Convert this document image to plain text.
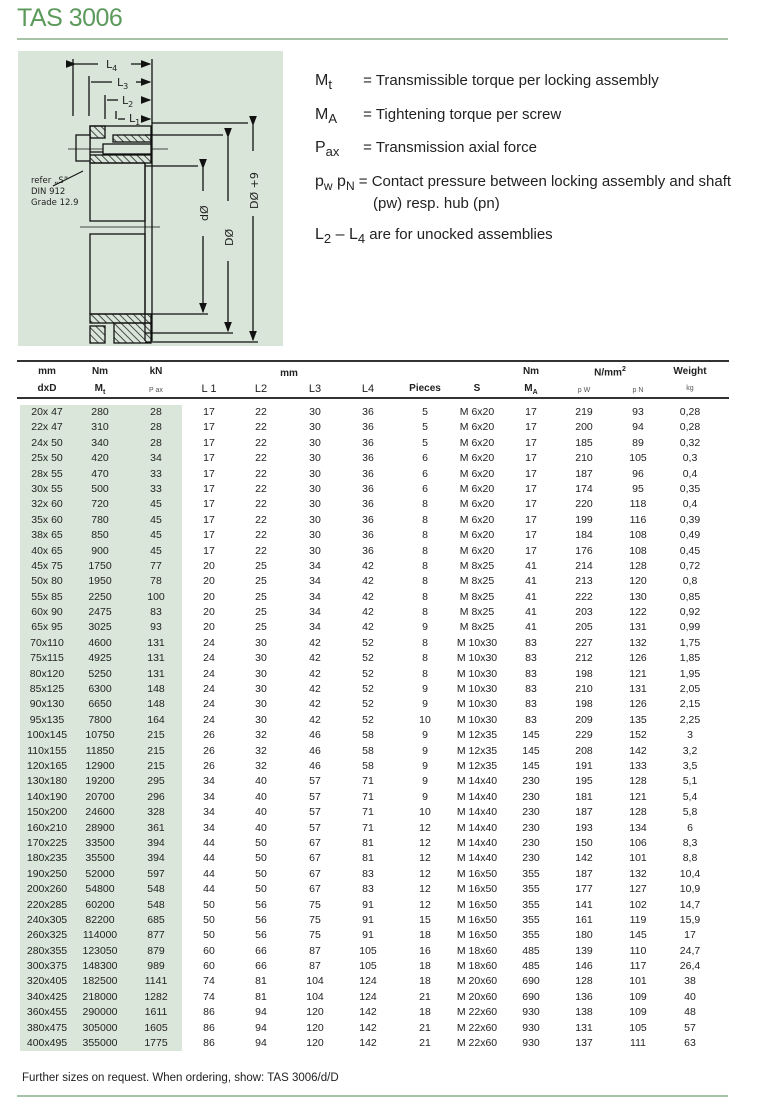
TAS 3006
$L_4$
$L_3$
$L_2$
$L_1$
dØ
DØ
DØ +9
refer „S”
DIN 912
Grade 12.9
$M_t$ = Transmissible torque per locking assembly
$M_A$ = Tightening torque per screw
$P_{ax}$ = Transmission axial force
$p_w$ $p_N$ = Contact pressure between locking assembly and shaft
(pw) resp. hub (pn)
$L_2 - L_4$ are for unocked assemblies
mm	Nm	kN	mm	Nm	$N/mm^2$	Weight
dxD	$M_t$	P ax	L 1	L2	L3	L4	Pieces	S	$M_A$	p W	p N	kg
20x 47	280	28	17	22	30	36	5	M 6x20	17	219	93	0,28
22x 47	310	28	17	22	30	36	5	M 6x20	17	200	94	0,28
24x 50	340	28	17	22	30	36	5	M 6x20	17	185	89	0,32
25x 50	420	34	17	22	30	36	6	M 6x20	17	210	105	0,3
28x 55	470	33	17	22	30	36	6	M 6x20	17	187	96	0,4
30x 55	500	33	17	22	30	36	6	M 6x20	17	174	95	0,35
32x 60	720	45	17	22	30	36	8	M 6x20	17	220	118	0,4
35x 60	780	45	17	22	30	36	8	M 6x20	17	199	116	0,39
38x 65	850	45	17	22	30	36	8	M 6x20	17	184	108	0,49
40x 65	900	45	17	22	30	36	8	M 6x20	17	176	108	0,45
45x 75 1750	77	20	25	34	42	8	M 8x25	41	214	128	0,72
50x 80 1950	78	20	25	34	42	8	M 8x25	41	213	120	0,8
55x 85 2250	100	20	25	34	42	8	M 8x25	41	222	130	0,85
60x 90 2475	83	20	25	34	42	8	M 8x25	41	203	122	0,92
65x 95 3025	93	20	25	34	42	9	M 8x25	41	205	131	0,99
70x110 4600	131	24	30	42	52	8	M 10x30	83	227	132	1,75
75x115 4925	131	24	30	42	52	8	M 10x30	83	212	126	1,85
80x120 5250	131	24	30	42	52	8	M 10x30	83	198	121	1,95
85x125 6300	148	24	30	42	52	9	M 10x30	83	210	131	2,05
90x130 6650	148	24	30	42	52	9	M 10x30	83	198	126	2,15
95x135 7800	164	24	30	42	52	10 M 10x30	83	209	135	2,25
100x145 10750	215	26	32	46	58	9	M 12x35 145	229	152	3
110x155 11850	215	26	32	46	58	9	M 12x35 145	208	142	3,2
120x165 12900	215	26	32	46	58	9	M 12x35 145	191	133	3,5
130x180 19200	295	34	40	57	71	9	M 14x40 230	195	128	5,1
140x190 20700	296	34	40	57	71	9	M 14x40 230	181	121	5,4
150x200 24600	328	34	40	57	71	10 M 14x40 230	187	128	5,8
160x210 28900	361	34	40	57	71	12 M 14x40 230	193	134	6
170x225 33500	394	44	50	67	81	12 M 14x40 230	150	106	8,3
180x235 35500	394	44	50	67	81	12 M 14x40 230	142	101	8,8
190x250 52000	597	44	50	67	83	12 M 16x50 355	187	132	10,4
200x260 54800	548	44	50	67	83	12 M 16x50 355	177	127	10,9
220x285 60200	548	50	56	75	91	12 M 16x50 355	141	102	14,7
240x305 82200	685	50	56	75	91	15 M 16x50 355	161	119	15,9
260x325 114000	877	50	56	75	91	18 M 16x50 355	180	145	17
280x355 123050	879	60	66	87	105	16 M 18x60 485	139	110	24,7
300x375 148300	989	60	66	87	105	18 M 18x60 485	146	117	26,4
320x405 182500	1141	74	81	104	124	18 M 20x60 690	128	101	38
340x425 218000	1282	74	81	104	124	21 M 20x60 690	136	109	40
360x455 290000	1611	86	94	120	142	18 M 22x60 930	138	109	48
380x475 305000	1605	86	94	120	142	21 M 22x60 930	131	105	57
400x495 355000	1775	86	94	120	142	21 M 22x60 930	137	111	63
Further sizes on request. When ordering, show: TAS 3006/d/D
